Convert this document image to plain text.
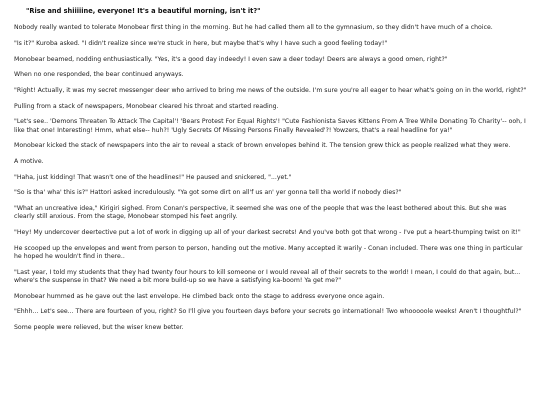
"Rise and shiiiiine, everyone! It's a beautiful morning, isn't it?"

Nobody really wanted to tolerate Monobear first thing in the morning. But he had called them all to the gymnasium, so they didn't have much of a choice.

"Is it?" Kuroba asked. "I didn't realize since we're stuck in here, but maybe that's why I have such a good feeling today!"

Monobear beamed, nodding enthusiastically. "Yes, it's a good day indeedy! I even saw a deer today! Deers are always a good omen, right?"

When no one responded, the bear continued anyways.

"Right! Actually, it was my secret messenger deer who arrived to bring me news of the outside. I'm sure you're all eager to hear what's going on in the world, right?"

Pulling from a stack of newspapers, Monobear cleared his throat and started reading.

"Let's see.. 'Demons Threaten To Attack The Capital'! 'Bears Protest For Equal Rights'! "Cute Fashionista Saves Kittens From A Tree While Donating To Charity'-- ooh, I like that one! Interesting! Hmm, what else-- huh?! 'Ugly Secrets Of Missing Persons Finally Revealed'?! Yowzers, that's a real headline for ya!"

Monobear kicked the stack of newspapers into the air to reveal a stack of brown envelopes behind it. The tension grew thick as people realized what they were.

A motive.

"Haha, just kidding! That wasn't one of the headlines!" He paused and snickered, "...yet."

"So is tha' wha' this is?" Hattori asked incredulously. "Ya got some dirt on all'f us an' yer gonna tell tha world if nobody dies?"

"What an uncreative idea," Kirigiri sighed. From Conan's perspective, it seemed she was one of the people that was the least bothered about this. But she was clearly still anxious. From the stage, Monobear stomped his feet angrily.

"Hey! My undercover deertective put a lot of work in digging up all of your darkest secrets! And you've both got that wrong - I've put a heart-thumping twist on it!"

He scooped up the envelopes and went from person to person, handing out the motive. Many accepted it warily - Conan included. There was one thing in particular he hoped he wouldn't find in there..

"Last year, I told my students that they had twenty four hours to kill someone or I would reveal all of their secrets to the world! I mean, I could do that again, but... where's the suspense in that? We need a bit more build-up so we have a satisfying ka-boom! Ya get me?"

Monobear hummed as he gave out the last envelope. He climbed back onto the stage to address everyone once again.

"Ehhh... Let's see... There are fourteen of you, right? So I'll give you fourteen days before your secrets go international! Two whooooole weeks! Aren't I thoughtful?"

Some people were relieved, but the wiser knew better.
